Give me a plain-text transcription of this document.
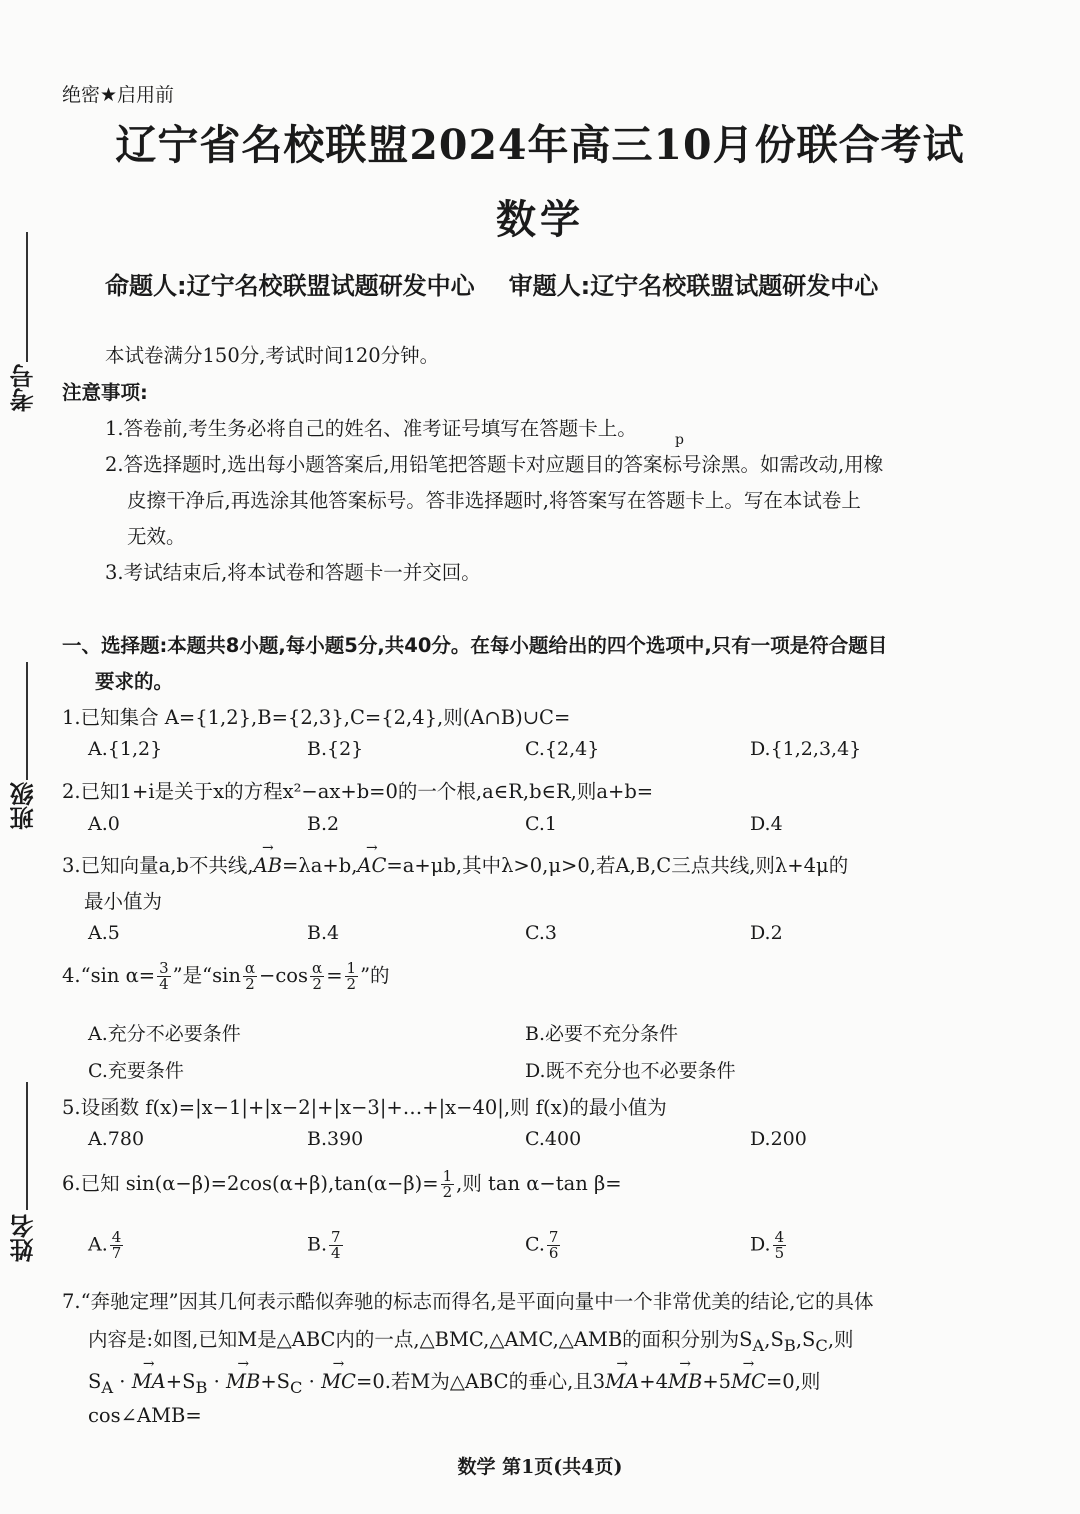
考号
班级
姓名
绝密★启用前
辽宁省名校联盟2024年高三10月份联合考试
数学
命题人:辽宁名校联盟试题研发中心 审题人:辽宁名校联盟试题研发中心
本试卷满分150分,考试时间120分钟。
注意事项:
1.答卷前,考生务必将自己的姓名、准考证号填写在答题卡上。
2.答选择题时,选出每小题答案后,用铅笔把答题卡对应题目的答案标号涂黑。如需改动,用橡
p
皮擦干净后,再选涂其他答案标号。答非选择题时,将答案写在答题卡上。写在本试卷上
无效。
3.考试结束后,将本试卷和答题卡一并交回。
一、选择题:本题共8小题,每小题5分,共40分。在每小题给出的四个选项中,只有一项是符合题目
要求的。
1.已知集合 A={1,2},B={2,3},C={2,4},则(A∩B)∪C=
A.{1,2}	B.{2}	C.{2,4}	D.{1,2,3,4}
2.已知1+i是关于x的方程x²−ax+b=0的一个根,a∈R,b∈R,则a+b=
A.0	B.2	C.1	D.4
3.已知向量a,b不共线,→ AB=λa+b,→ AC=a+μb,其中λ>0,μ>0,若A,B,C三点共线,则λ+4μ的
最小值为
A.5	B.4	C.3	D.2
4.“sin $\alpha= \frac{3}{4}$ ”是“$\sin \frac{\alpha}{2} -\cos \frac{\alpha}{2} = \frac{1}{2}$ ”的
A.充分不必要条件	B.必要不充分条件
C.充要条件	D.既不充分也不必要条件
5.设函数 f(x)=|x−1|+|x−2|+|x−3|+…+|x−40|,则 f(x)的最小值为
A.780	B.390	C.400	D.200
6.已知 $\sin(\alpha-\beta)=2\cos(\alpha+\beta),\tan(\alpha-\beta)= \frac{1}{2}$ ,则 tan α−tan β=
A. $\frac{4}{7}$	B. $\frac{7}{4}$	C. $\frac{7}{6}$	D. $\frac{4}{5}$
7.“奔驰定理”因其几何表示酷似奔驰的标志而得名,是平面向量中一个非常优美的结论,它的具体
内容是:如图,已知M是△ABC内的一点,△BMC,△AMC,△AMB的面积分别为$S_A,S_B,S_C$,则
$S_A$ · → $MA+S_B$ · → $MB+S_C$ · → MC=0.若M为△ABC的垂心,且3→ MA+4→ MB+5→ MC=0,则
cos∠AMB=
数学 第1页(共4页)
